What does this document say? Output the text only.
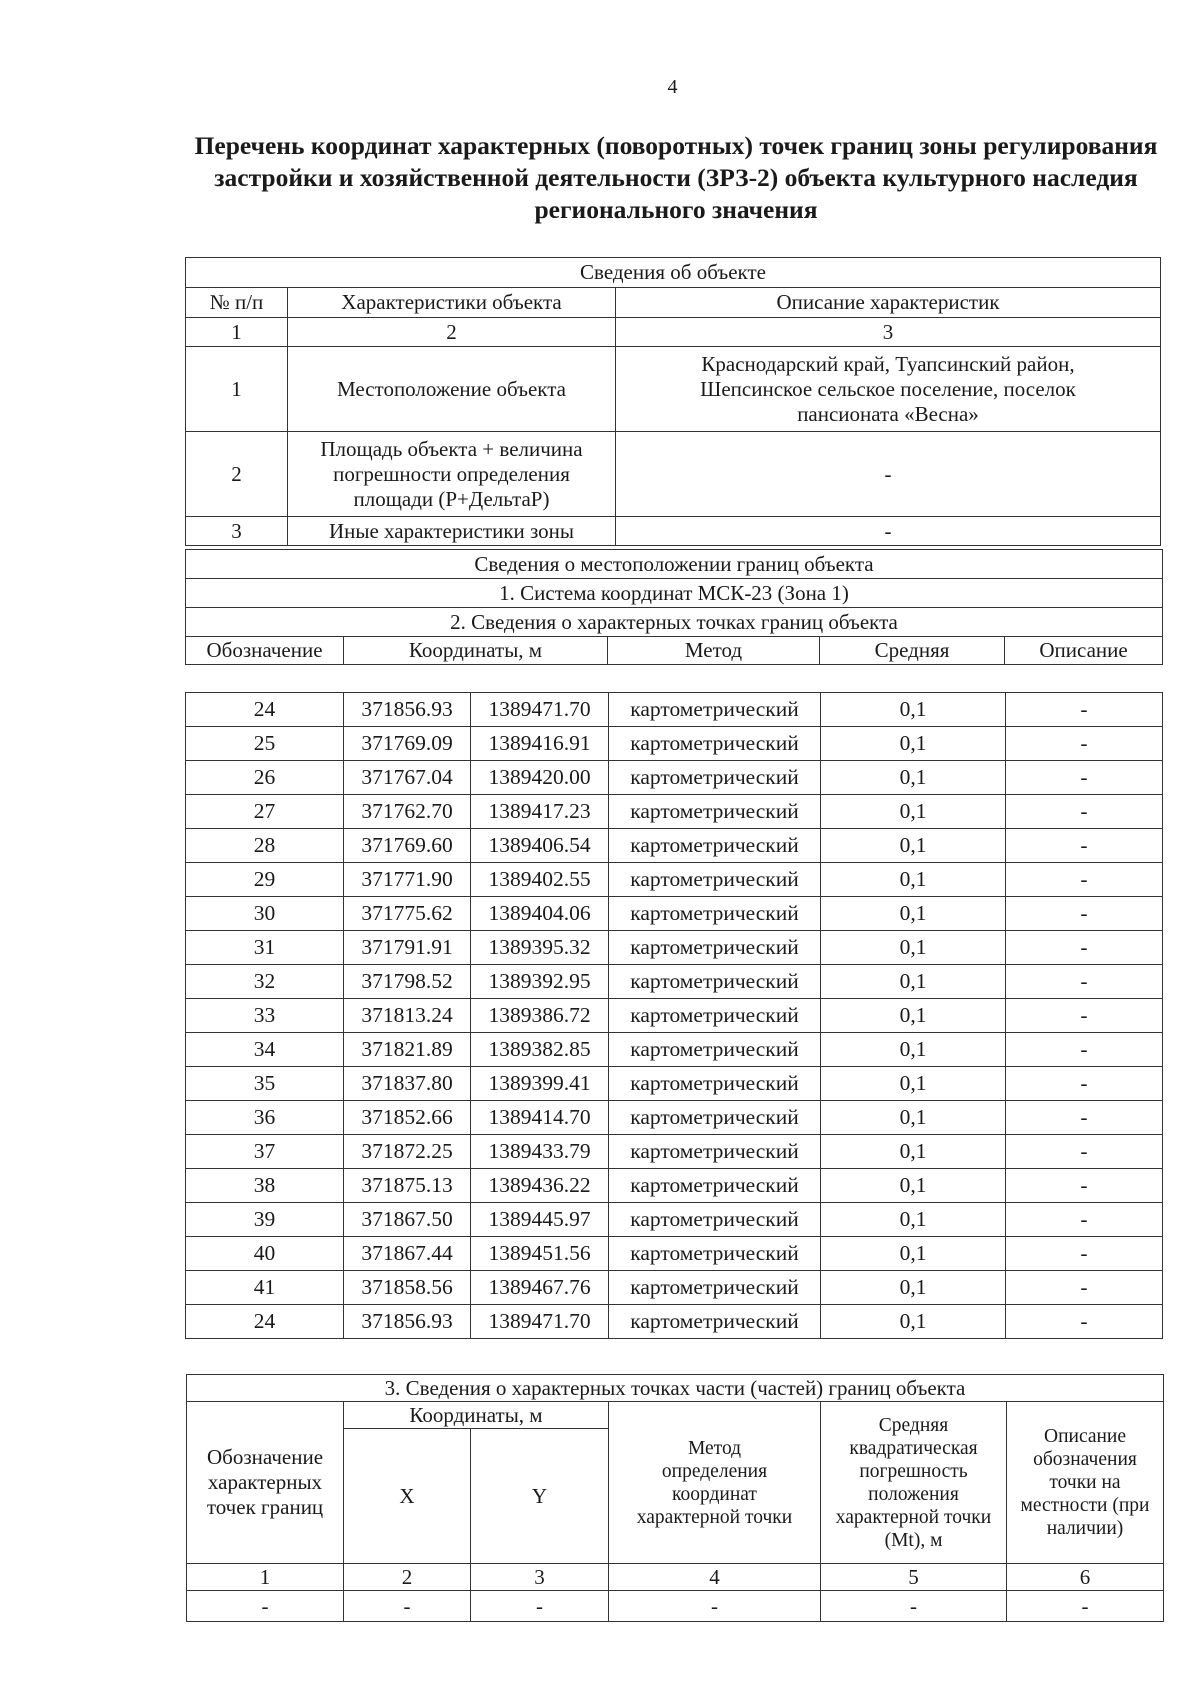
4
Перечень координат характерных (поворотных) точек границ зоны регулирования застройки и хозяйственной деятельности (ЗРЗ-2) объекта культурного наследия регионального значения
Сведения об объекте		
№ п/п	Характеристики объекта	Описание характеристик
1	2	3
1	Местоположение объекта	Краснодарский край, Туапсинский район, Шепсинское сельское поселение, поселок пансионата «Весна»
2	Площадь объекта + величина погрешности определения площади (Р+ДельтаР)	-
3	Иные характеристики зоны	-
Сведения о местоположении границ объекта
1. Система координат МСК-23 (Зона 1)
2. Сведения о характерных точках границ объекта
Обозначение	Координаты, м	Метод	Средняя	Описание
24	371856.93	1389471.70	картометрический	0,1	-
25	371769.09	1389416.91	картометрический	0,1	-
26	371767.04	1389420.00	картометрический	0,1	-
27	371762.70	1389417.23	картометрический	0,1	-
28	371769.60	1389406.54	картометрический	0,1	-
29	371771.90	1389402.55	картометрический	0,1	-
30	371775.62	1389404.06	картометрический	0,1	-
31	371791.91	1389395.32	картометрический	0,1	-
32	371798.52	1389392.95	картометрический	0,1	-
33	371813.24	1389386.72	картометрический	0,1	-
34	371821.89	1389382.85	картометрический	0,1	-
35	371837.80	1389399.41	картометрический	0,1	-
36	371852.66	1389414.70	картометрический	0,1	-
37	371872.25	1389433.79	картометрический	0,1	-
38	371875.13	1389436.22	картометрический	0,1	-
39	371867.50	1389445.97	картометрический	0,1	-
40	371867.44	1389451.56	картометрический	0,1	-
41	371858.56	1389467.76	картометрический	0,1	-
24	371856.93	1389471.70	картометрический	0,1	-
3. Сведения о характерных точках части (частей) границ объекта					
Обозначение характерных точек границ	Координаты, м		Метод определения координат характерной точки	Средняя квадратическая погрешность положения характерной точки (Mt), м	Описание обозначения точки на местности (при наличии)
	X	Y			
1	2	3	4	5	6
-	-	-	-	-	-
